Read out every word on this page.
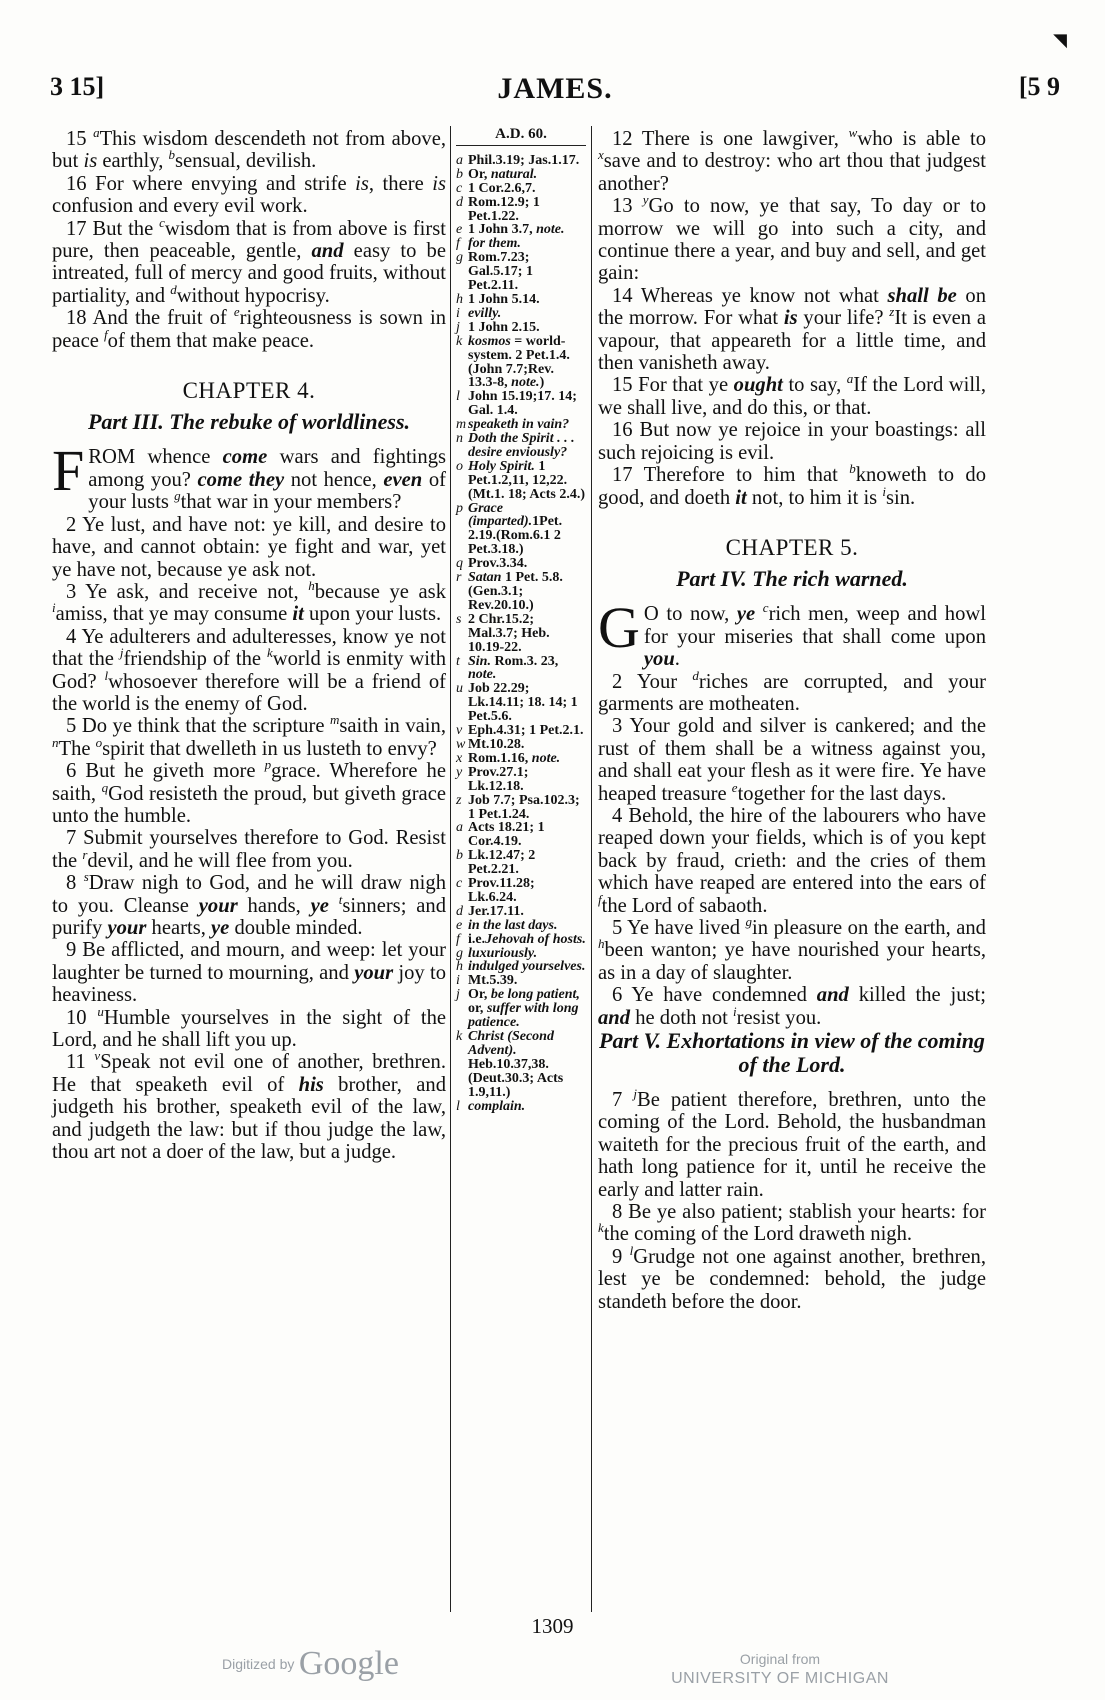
◥
3 15]	JAMES.	[5 9

15 $^a$This wisdom descendeth not from above, but is earthly, $^b$sensual, devilish.

16 For where envying and strife is, there is confusion and every evil work.

17 But the $^c$wisdom that is from above is first pure, then peaceable, gentle, and easy to be intreated, full of mercy and good fruits, without partiality, and $^d$without hypocrisy.

18 And the fruit of $^e$righteousness is sown in peace $^f$of them that make peace.

CHAPTER 4.
Part III. The rebuke of worldliness.

FROM whence come wars and fightings among you? come they not hence, even of your lusts $^g$that war in your members?

2 Ye lust, and have not: ye kill, and desire to have, and cannot obtain: ye fight and war, yet ye have not, because ye ask not.

3 Ye ask, and receive not, $^h$because ye ask $^i$amiss, that ye may consume it upon your lusts.

4 Ye adulterers and adulteresses, know ye not that the $^j$friendship of the $^k$world is enmity with God? $^l$whosoever therefore will be a friend of the world is the enemy of God.

5 Do ye think that the scripture $^m$saith in vain, $^n$The $^o$spirit that dwelleth in us lusteth to envy?

6 But he giveth more $^p$grace. Wherefore he saith, $^q$God resisteth the proud, but giveth grace unto the humble.

7 Submit yourselves therefore to God. Resist the $^r$devil, and he will flee from you.

8 $^s$Draw nigh to God, and he will draw nigh to you. Cleanse your hands, ye $^t$sinners; and purify your hearts, ye double minded.

9 Be afflicted, and mourn, and weep: let your laughter be turned to mourning, and your joy to heaviness.

10 $^u$Humble yourselves in the sight of the Lord, and he shall lift you up.

11 $^v$Speak not evil one of another, brethren. He that speaketh evil of his brother, and judgeth his brother, speaketh evil of the law, and judgeth the law: but if thou judge the law, thou art not a doer of the law, but a judge.

A.D. 60.
a Phil.3.19; Jas.1.17.
b Or, natural.
c 1 Cor.2.6,7.
d Rom.12.9; 1 Pet.1.22.
e 1 John 3.7, note.
f for them.
g Rom.7.23; Gal.5.17; 1 Pet.2.11.
h 1 John 5.14.
i evilly.
j 1 John 2.15.
k kosmos = world-system. 2 Pet.1.4. (John 7.7;Rev. 13.3-8, note.)
l John 15.19;17. 14; Gal. 1.4.
m speaketh in vain?
n Doth the Spirit . . . desire enviously?
o Holy Spirit. 1 Pet.1.2,11, 12,22. (Mt.1. 18; Acts 2.4.)
p Grace (imparted).1Pet. 2.19.(Rom.6.1 2 Pet.3.18.)
q Prov.3.34.
r Satan 1 Pet. 5.8.(Gen.3.1; Rev.20.10.)
s 2 Chr.15.2; Mal.3.7; Heb. 10.19-22.
t Sin. Rom.3. 23, note.
u Job 22.29; Lk.14.11; 18. 14; 1 Pet.5.6.
v Eph.4.31; 1 Pet.2.1.
w Mt.10.28.
x Rom.1.16, note.
y Prov.27.1; Lk.12.18.
z Job 7.7; Psa.102.3; 1 Pet.1.24.
a Acts 18.21; 1 Cor.4.19.
b Lk.12.47; 2 Pet.2.21.
c Prov.11.28; Lk.6.24.
d Jer.17.11.
e in the last days.
f i.e.Jehovah of hosts.
g luxuriously.
h indulged yourselves.
i Mt.5.39.
j Or, be long patient, or, suffer with long patience.
k Christ (Second Advent). Heb.10.37,38. (Deut.30.3; Acts 1.9,11.)
l complain.

12 There is one lawgiver, $^w$who is able to $^x$save and to destroy: who art thou that judgest another?

13 $^y$Go to now, ye that say, To day or to morrow we will go into such a city, and continue there a year, and buy and sell, and get gain:

14 Whereas ye know not what shall be on the morrow. For what is your life? $^z$It is even a vapour, that appeareth for a little time, and then vanisheth away.

15 For that ye ought to say, $^a$If the Lord will, we shall live, and do this, or that.

16 But now ye rejoice in your boastings: all such rejoicing is evil.

17 Therefore to him that $^b$knoweth to do good, and doeth it not, to him it is $^i$sin.

CHAPTER 5.
Part IV. The rich warned.

G O to now, ye $^c$rich men, weep and howl for your miseries that shall come upon you.

2 Your $^d$riches are corrupted, and your garments are motheaten.

3 Your gold and silver is cankered; and the rust of them shall be a witness against you, and shall eat your flesh as it were fire. Ye have heaped treasure $^e$together for the last days.

4 Behold, the hire of the labourers who have reaped down your fields, which is of you kept back by fraud, crieth: and the cries of them which have reaped are entered into the ears of $^f$the Lord of sabaoth.

5 Ye have lived $^g$in pleasure on the earth, and $^h$been wanton; ye have nourished your hearts, as in a day of slaughter.

6 Ye have condemned and killed the just; and he doth not $^i$resist you.

Part V. Exhortations in view of the coming of the Lord.

7 $^j$Be patient therefore, brethren, unto the coming of the Lord. Behold, the husbandman waiteth for the precious fruit of the earth, and hath long patience for it, until he receive the early and latter rain.

8 Be ye also patient; stablish your hearts: for $^k$the coming of the Lord draweth nigh.

9 $^l$Grudge not one against another, brethren, lest ye be condemned: behold, the judge standeth before the door.

1309
Digitized by Google	Original from
UNIVERSITY OF MICHIGAN
